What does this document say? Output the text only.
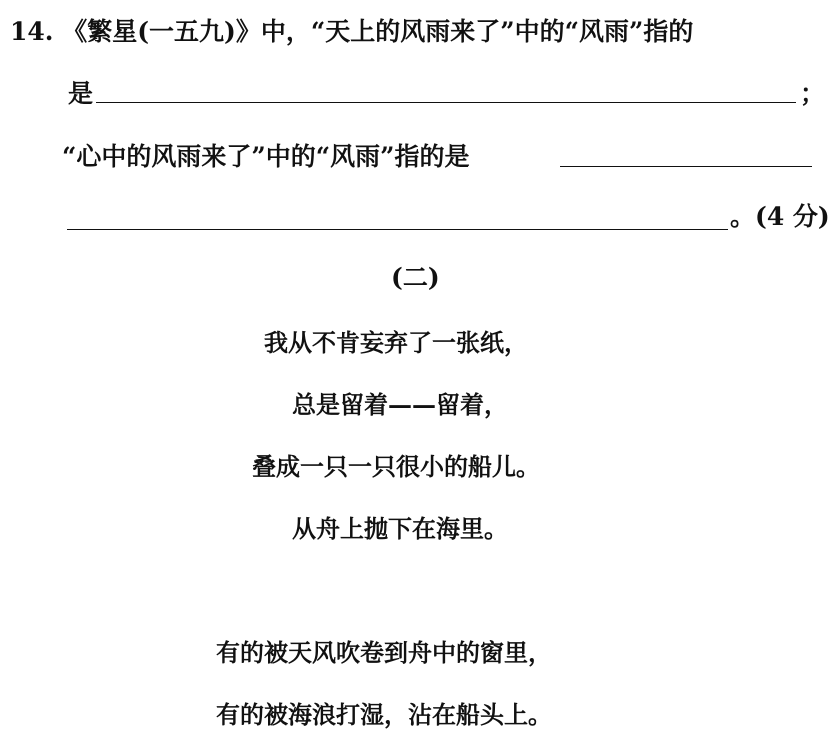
14. 《繁星(一五九)》中，“天上的风雨来了”中的“风雨”指的
是	；
“心中的风雨来了”中的“风雨”指的是
。(4 分)
(二)
我从不肯妄弃了一张纸，
总是留着——留着，
叠成一只一只很小的船儿。
从舟上抛下在海里。
有的被天风吹卷到舟中的窗里，
有的被海浪打湿，沾在船头上。
